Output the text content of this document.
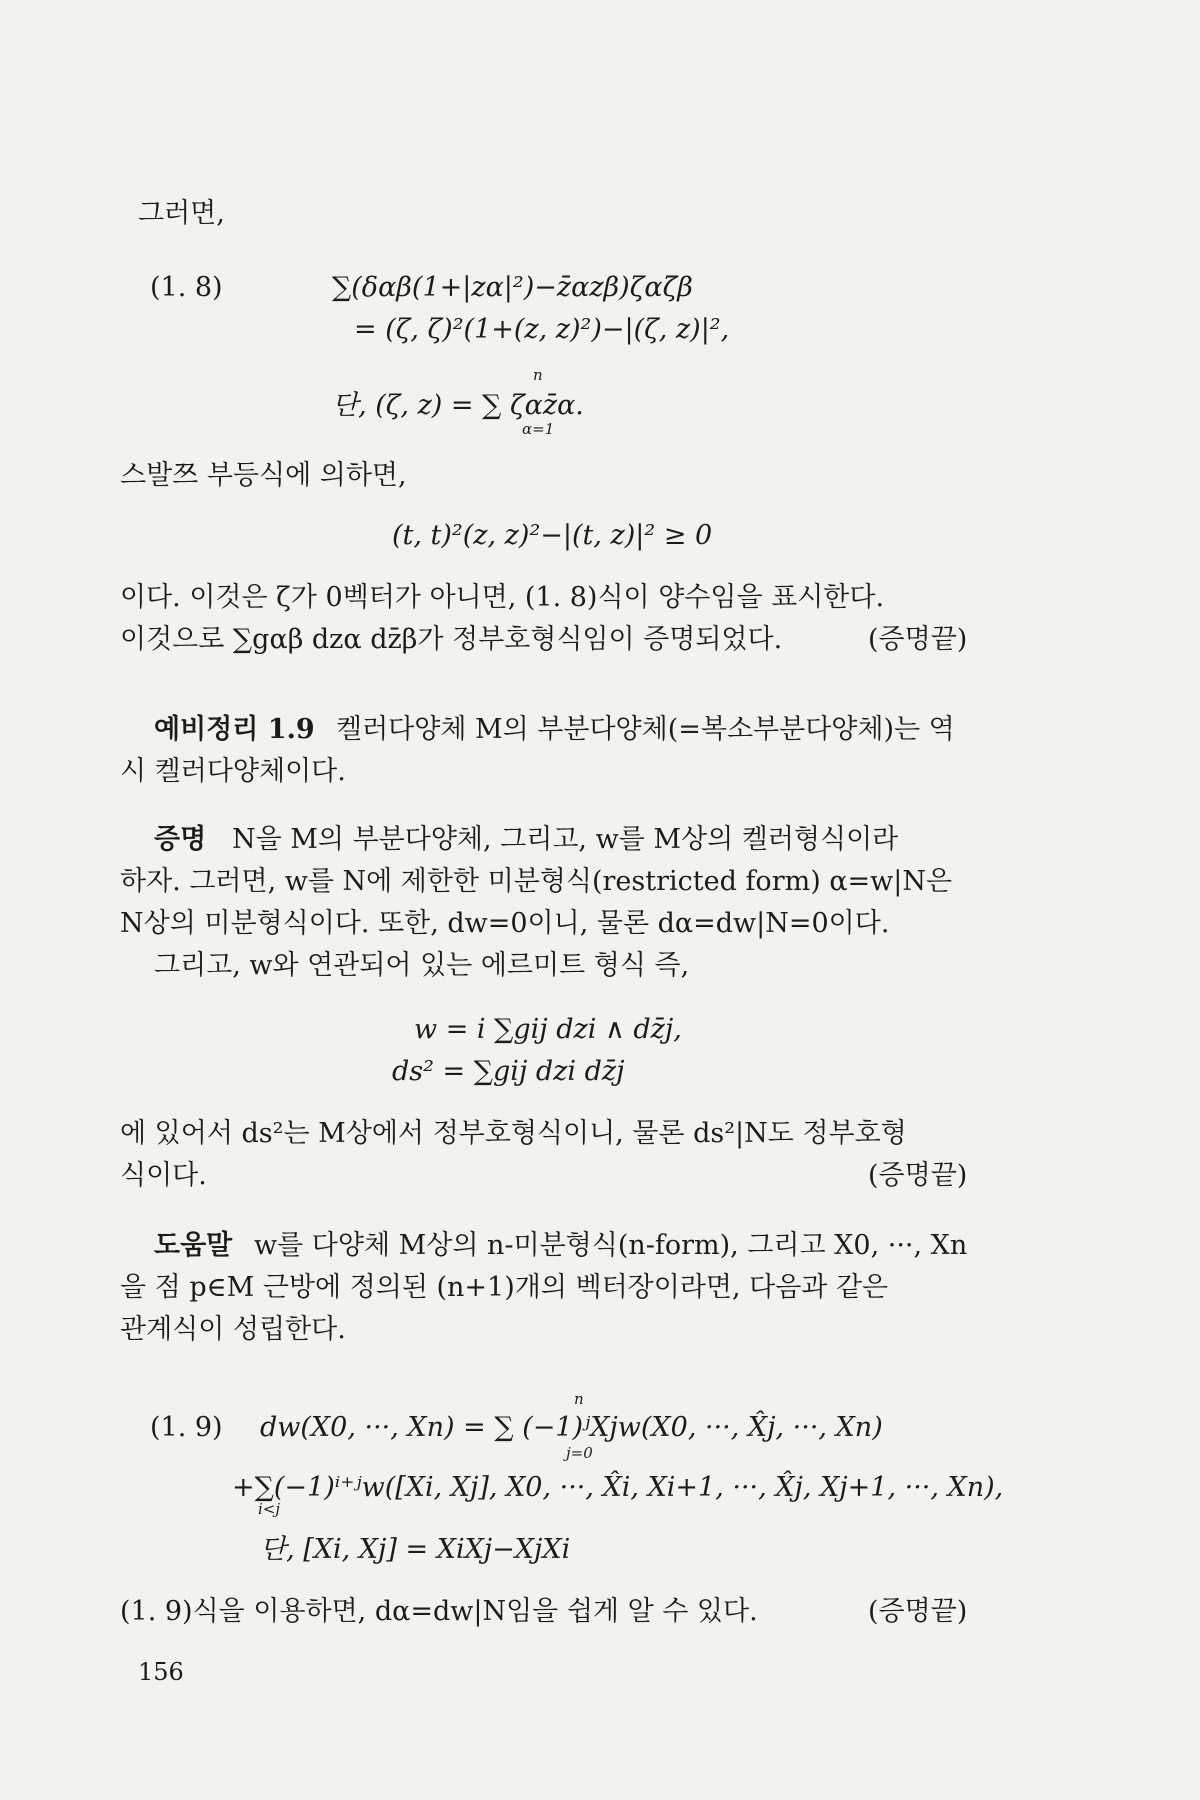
그러면,
(1. 8)	∑(δαβ(1+|zα|²)−z̄αzβ)ζαζ̄β
= (ζ, ζ)²(1+(z, z)²)−|(ζ, z)|²,
단, (ζ, z) = ∑ ζαz̄α.
α=1
n
스발쯔 부등식에 의하면,
(t, t)²(z, z)²−|(t, z)|² ≥ 0
이다. 이것은 ζ가 0벡터가 아니면, (1. 8)식이 양수임을 표시한다.
이것으로 ∑gαβ dzα dz̄β가 정부호형식임이 증명되었다.	(증명끝)
예비정리 1.9 켈러다양체 M의 부분다양체(=복소부분다양체)는 역
시 켈러다양체이다.
증명 N을 M의 부분다양체, 그리고, w를 M상의 켈러형식이라
하자. 그러면, w를 N에 제한한 미분형식(restricted form) α=w|N은
N상의 미분형식이다. 또한, dw=0이니, 물론 dα=dw|N=0이다.
그리고, w와 연관되어 있는 에르미트 형식 즉,
w = i ∑gij dzi ∧ dz̄j,
ds² = ∑gij dzi dz̄j
에 있어서 ds²는 M상에서 정부호형식이니, 물론 ds²|N도 정부호형
식이다.	(증명끝)
도움말 w를 다양체 M상의 n-미분형식(n-form), 그리고 X0, ···, Xn
을 점 p∈M 근방에 정의된 (n+1)개의 벡터장이라면, 다음과 같은
관계식이 성립한다.
(1. 9) dw(X0, ···, Xn) = ∑ (−1)ʲXjw(X0, ···, X̂j, ···, Xn)
j=0
n
+∑(−1)ⁱ⁺ʲw([Xi, Xj], X0, ···, X̂i, Xi+1, ···, X̂j, Xj+1, ···, Xn),
i<j
단, [Xi, Xj] = XiXj−XjXi
(1. 9)식을 이용하면, dα=dw|N임을 쉽게 알 수 있다.	(증명끝)
156
